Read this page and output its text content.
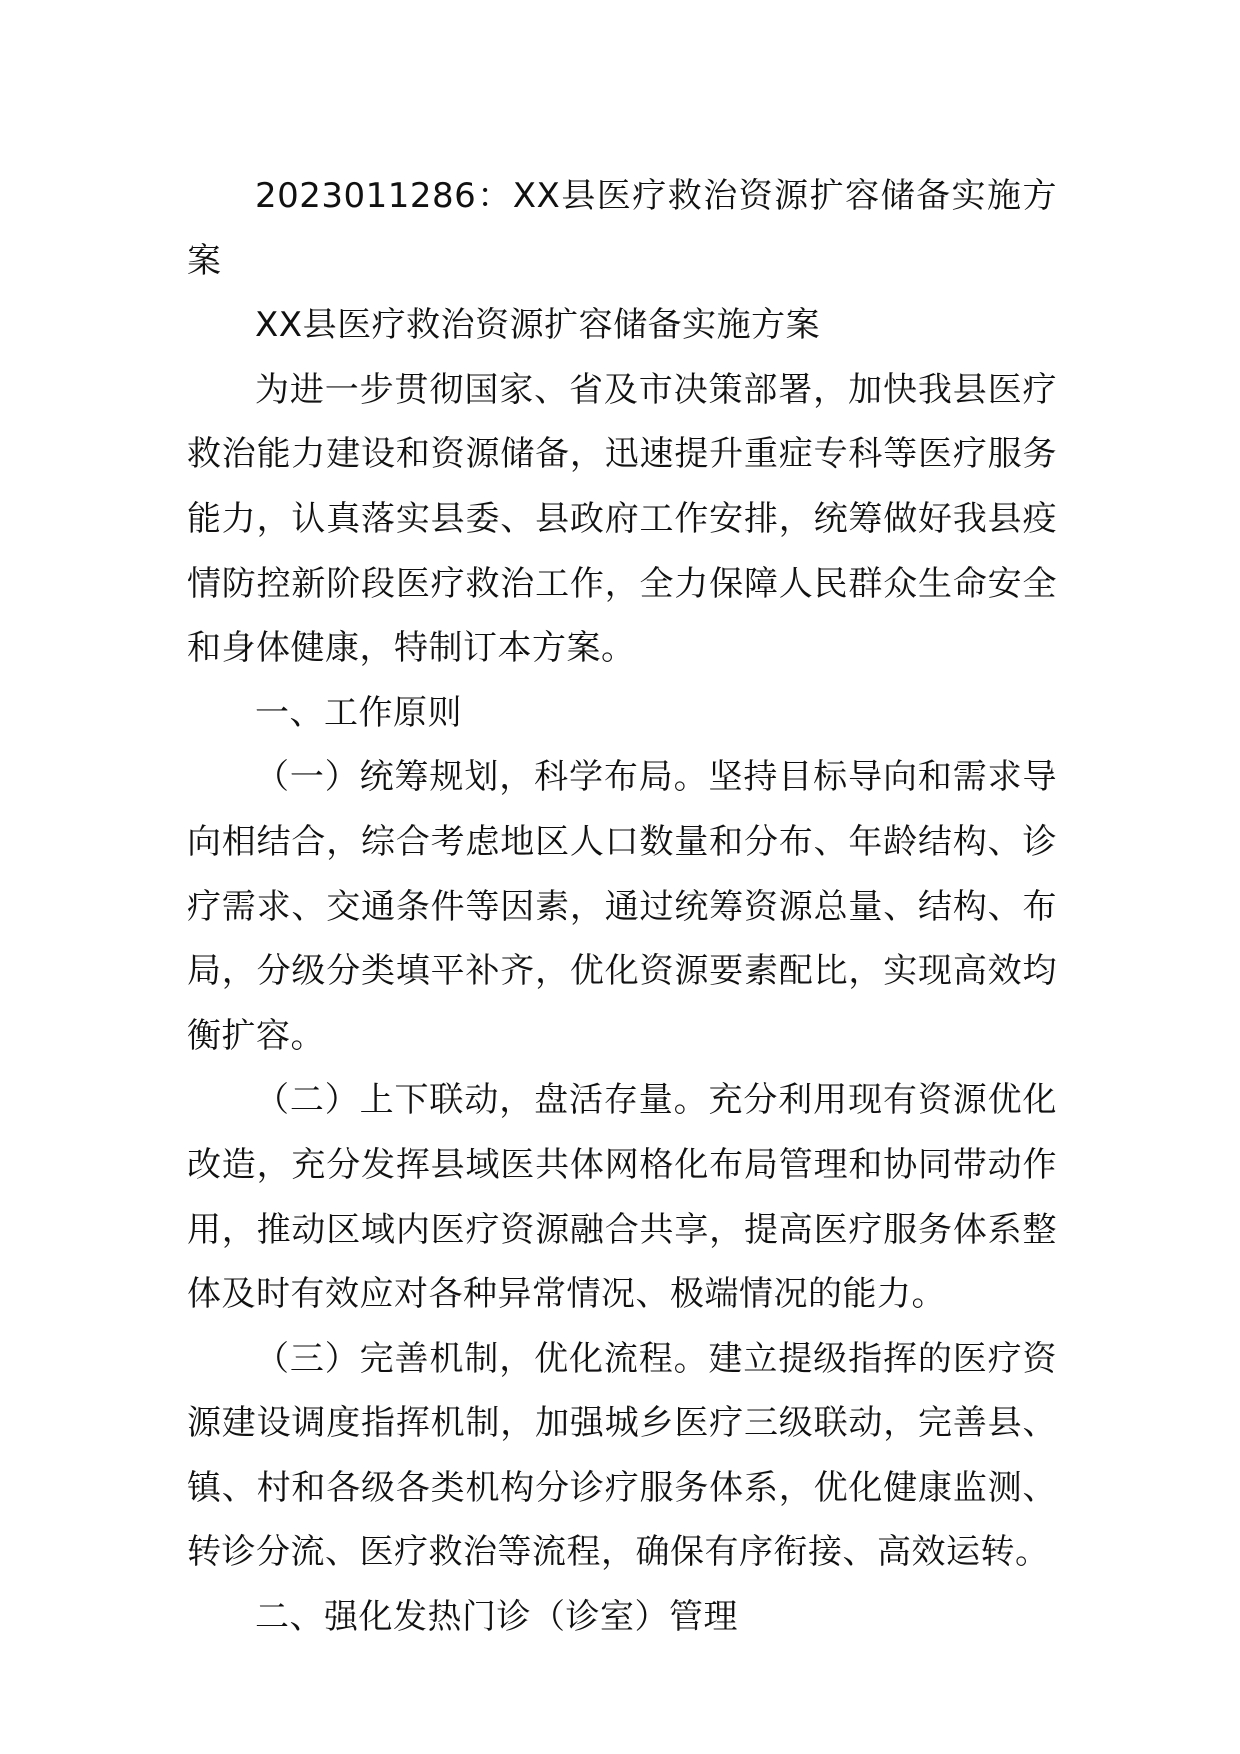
2023011286：XX县医疗救治资源扩容储备实施方案

XX县医疗救治资源扩容储备实施方案

为进一步贯彻国家、省及市决策部署，加快我县医疗救治能力建设和资源储备，迅速提升重症专科等医疗服务能力，认真落实县委、县政府工作安排，统筹做好我县疫情防控新阶段医疗救治工作，全力保障人民群众生命安全和身体健康，特制订本方案。

一、工作原则

（一）统筹规划，科学布局。坚持目标导向和需求导向相结合，综合考虑地区人口数量和分布、年龄结构、诊疗需求、交通条件等因素，通过统筹资源总量、结构、布局，分级分类填平补齐，优化资源要素配比，实现高效均衡扩容。

（二）上下联动，盘活存量。充分利用现有资源优化改造，充分发挥县域医共体网格化布局管理和协同带动作用，推动区域内医疗资源融合共享，提高医疗服务体系整体及时有效应对各种异常情况、极端情况的能力。

（三）完善机制，优化流程。建立提级指挥的医疗资源建设调度指挥机制，加强城乡医疗三级联动，完善县、镇、村和各级各类机构分诊疗服务体系，优化健康监测、转诊分流、医疗救治等流程，确保有序衔接、高效运转。

二、强化发热门诊（诊室）管理
